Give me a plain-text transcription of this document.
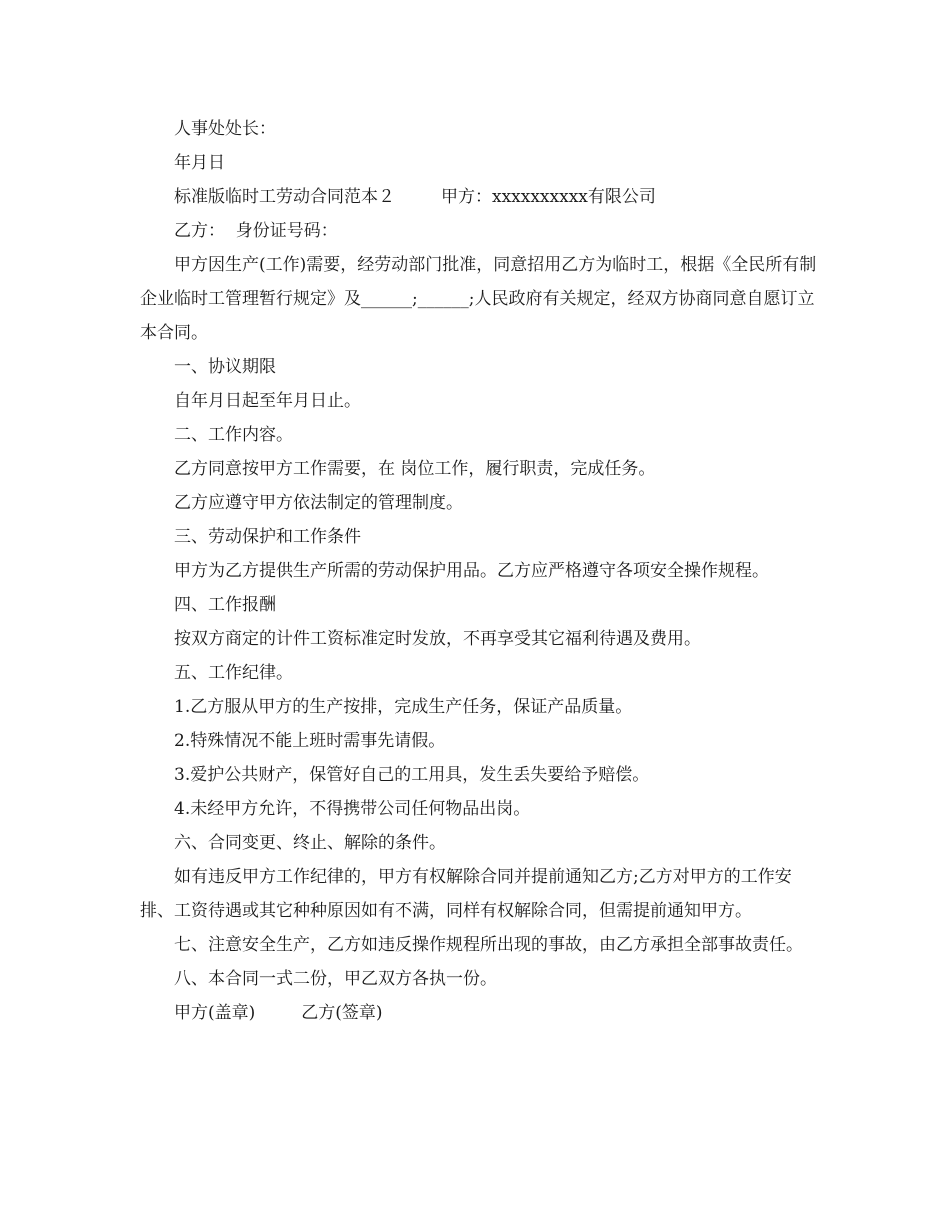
人事处处长：

年月日

标准版临时工劳动合同范本２	甲方：xxxxxxxxxx有限公司

乙方：  身份证号码：

甲方因生产(工作)需要，经劳动部门批准，同意招用乙方为临时工，根据《全民所有制企业临时工管理暂行规定》及______;______;人民政府有关规定，经双方协商同意自愿订立本合同。

一、协议期限

自年月日起至年月日止。

二、工作内容。

乙方同意按甲方工作需要，在 岗位工作，履行职责，完成任务。

乙方应遵守甲方依法制定的管理制度。

三、劳动保护和工作条件

甲方为乙方提供生产所需的劳动保护用品。乙方应严格遵守各项安全操作规程。

四、工作报酬

按双方商定的计件工资标准定时发放，不再享受其它福利待遇及费用。

五、工作纪律。

1.乙方服从甲方的生产按排，完成生产任务，保证产品质量。

2.特殊情况不能上班时需事先请假。

3.爱护公共财产，保管好自己的工用具，发生丢失要给予赔偿。

4.未经甲方允许，不得携带公司任何物品出岗。

六、合同变更、终止、解除的条件。

如有违反甲方工作纪律的，甲方有权解除合同并提前通知乙方;乙方对甲方的工作安排、工资待遇或其它种种原因如有不满，同样有权解除合同，但需提前通知甲方。

七、注意安全生产，乙方如违反操作规程所出现的事故，由乙方承担全部事故责任。

八、本合同一式二份，甲乙双方各执一份。

甲方(盖章)	乙方(签章)
